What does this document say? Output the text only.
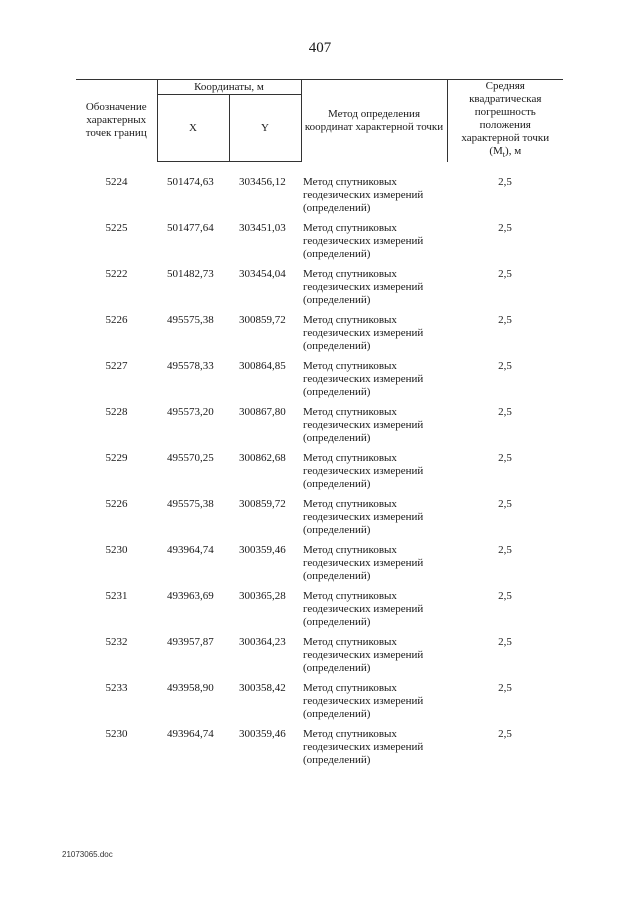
407
Обозначение характерных точек границ	Координаты, м		Метод определения координат характерной точки	Средняя квадратическая погрешность положения характерной точки $(M_t)$, м
	X	Y		
5224	501474,63	303456,12	Метод спутниковых геодезических измерений (определений)	2,5
5225	501477,64	303451,03	Метод спутниковых геодезических измерений (определений)	2,5
5222	501482,73	303454,04	Метод спутниковых геодезических измерений (определений)	2,5
5226	495575,38	300859,72	Метод спутниковых геодезических измерений (определений)	2,5
5227	495578,33	300864,85	Метод спутниковых геодезических измерений (определений)	2,5
5228	495573,20	300867,80	Метод спутниковых геодезических измерений (определений)	2,5
5229	495570,25	300862,68	Метод спутниковых геодезических измерений (определений)	2,5
5226	495575,38	300859,72	Метод спутниковых геодезических измерений (определений)	2,5
5230	493964,74	300359,46	Метод спутниковых геодезических измерений (определений)	2,5
5231	493963,69	300365,28	Метод спутниковых геодезических измерений (определений)	2,5
5232	493957,87	300364,23	Метод спутниковых геодезических измерений (определений)	2,5
5233	493958,90	300358,42	Метод спутниковых геодезических измерений (определений)	2,5
5230	493964,74	300359,46	Метод спутниковых геодезических измерений (определений)	2,5
21073065.doc
